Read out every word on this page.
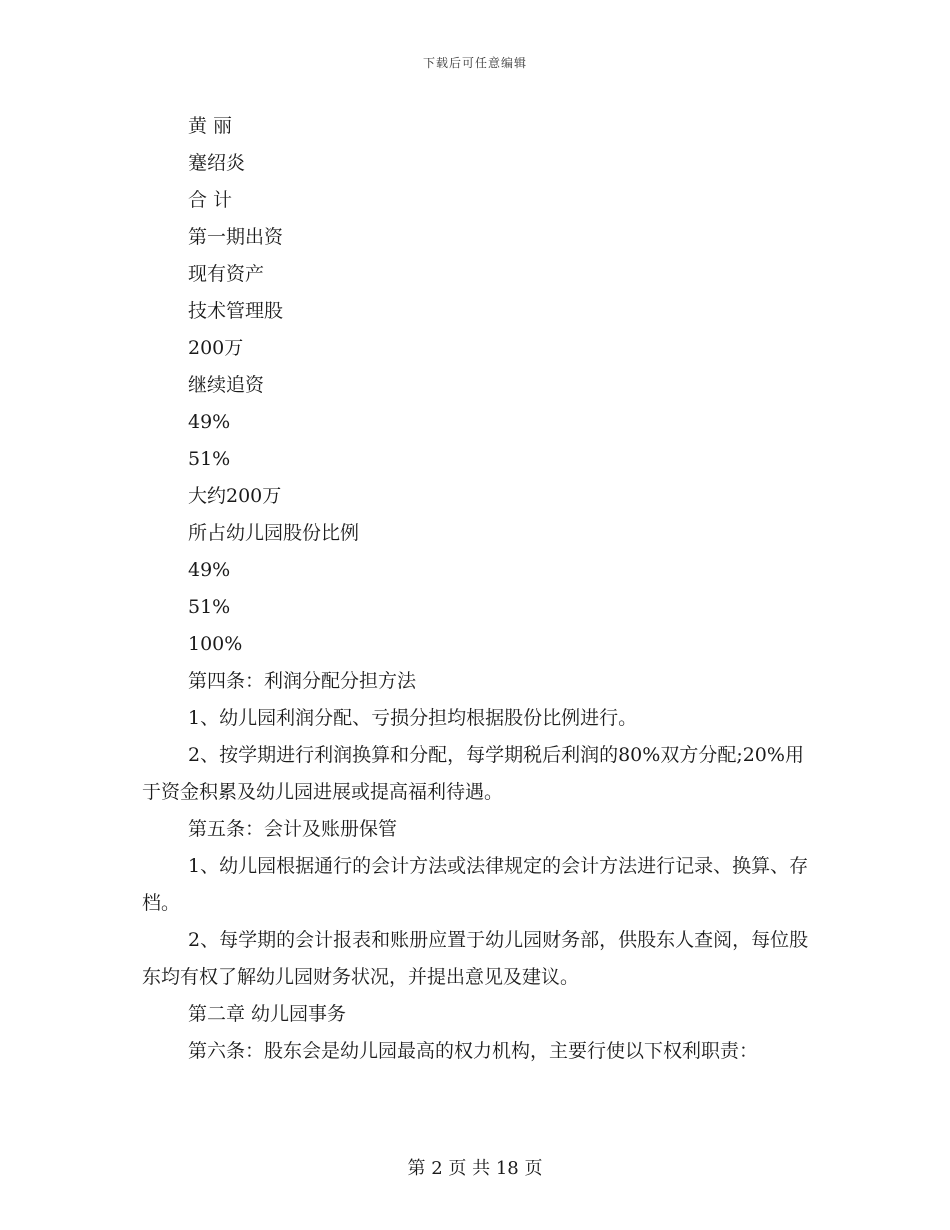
下载后可任意编辑

黄 丽

蹇绍炎

合 计

第一期出资

现有资产

技术管理股

200万

继续追资

49%

51%

大约200万

所占幼儿园股份比例

49%

51%

100%

第四条：利润分配分担方法

1、幼儿园利润分配、亏损分担均根据股份比例进行。

2、按学期进行利润换算和分配，每学期税后利润的80%双方分配;20%用于资金积累及幼儿园进展或提高福利待遇。

第五条：会计及账册保管

1、幼儿园根据通行的会计方法或法律规定的会计方法进行记录、换算、存档。

2、每学期的会计报表和账册应置于幼儿园财务部，供股东人查阅，每位股东均有权了解幼儿园财务状况，并提出意见及建议。

第二章 幼儿园事务

第六条：股东会是幼儿园最高的权力机构，主要行使以下权利职责：

第 2 页 共 18 页
